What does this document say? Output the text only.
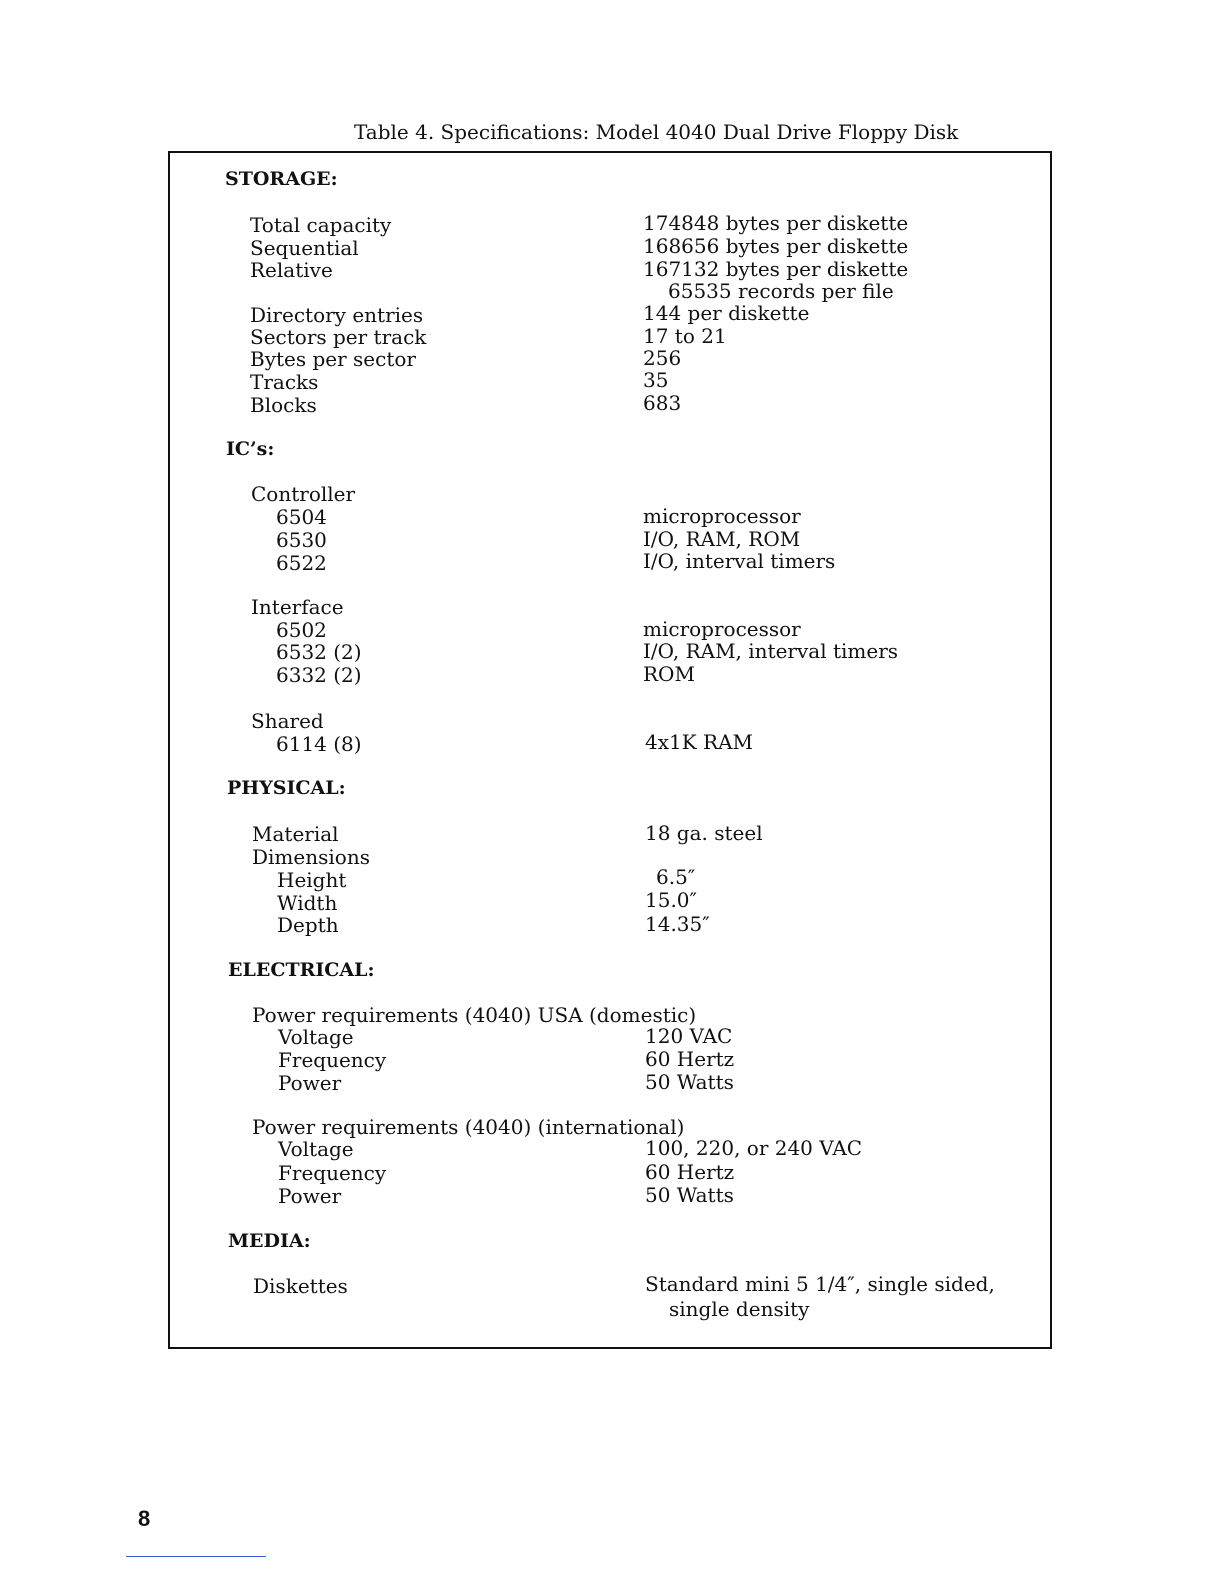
Table 4. Specifications: Model 4040 Dual Drive Floppy Disk
STORAGE:
Total capacity	174848 bytes per diskette
Sequential	168656 bytes per diskette
Relative	167132 bytes per diskette
65535 records per file
Directory entries	144 per diskette
Sectors per track	17 to 21
Bytes per sector	256
Tracks	35
Blocks	683
IC’s:
Controller
6504	microprocessor
6530	I/O, RAM, ROM
6522	I/O, interval timers
Interface
6502	microprocessor
6532 (2)	I/O, RAM, interval timers
6332 (2)	ROM
Shared
6114 (8)	4x1K RAM
PHYSICAL:
Material	18 ga. steel
Dimensions
Height	6.5″
Width	15.0″
Depth	14.35″
ELECTRICAL:
Power requirements (4040) USA (domestic)
Voltage	120 VAC
Frequency	60 Hertz
Power	50 Watts
Power requirements (4040) (international)
Voltage	100, 220, or 240 VAC
Frequency	60 Hertz
Power	50 Watts
MEDIA:
Diskettes	Standard mini 5 1/4″, single sided,
single density
8
